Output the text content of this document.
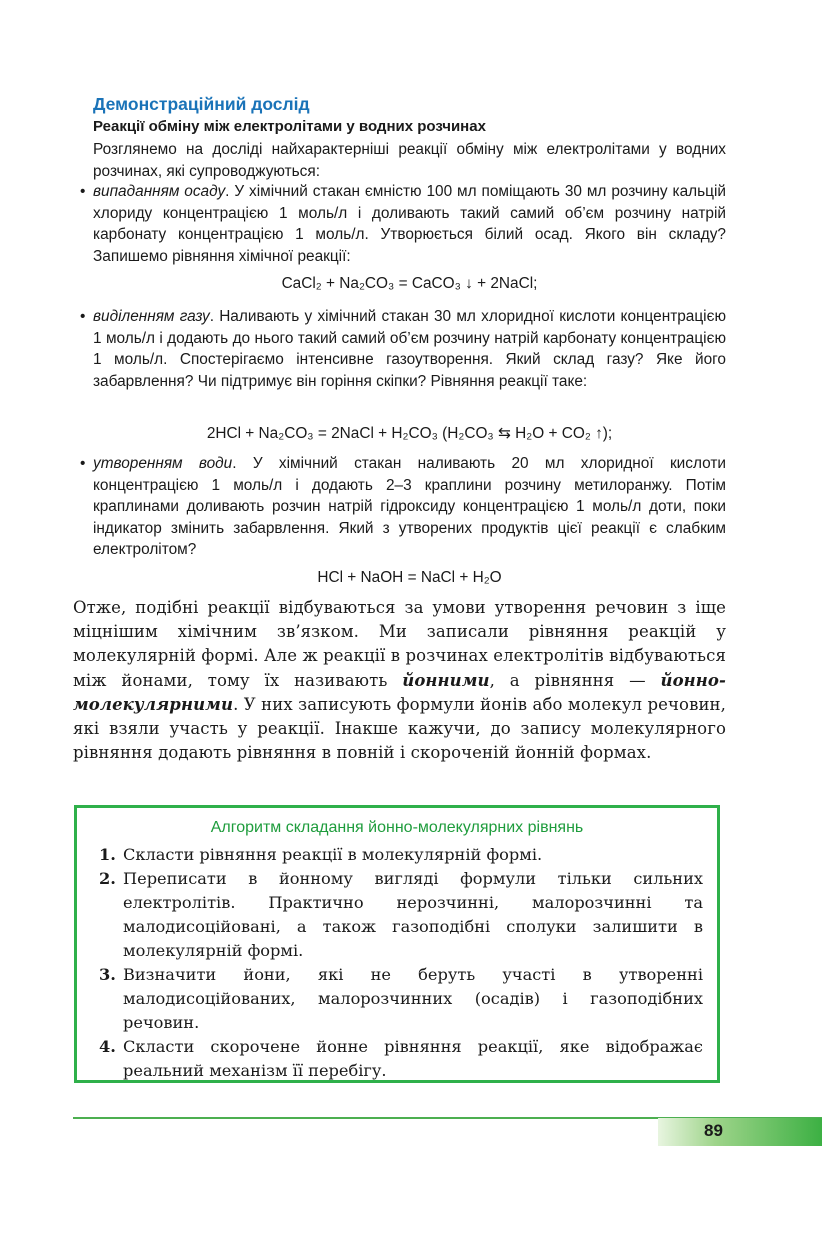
Демонстраційний дослід
Реакції обміну між електролітами у водних розчинах

Розглянемо на досліді найхарактерніші реакції обміну між електролітами у водних розчинах, які супроводжуються:

• випаданням осаду. У хімічний стакан ємністю 100 мл поміщають 30 мл розчину кальцій хлориду концентрацією 1 моль/л і доливають такий самий об’єм розчину натрій карбонату концентрацією 1 моль/л. Утворюється білий осад. Якого він складу? Запишемо рівняння хімічної реакції:
CaCl₂ + Na₂CO₃ = CaCO₃ ↓ + 2NaCl;
• виділенням газу. Наливають у хімічний стакан 30 мл хлоридної кислоти концентрацією 1 моль/л і додають до нього такий самий об’єм розчину натрій карбонату концентрацією 1 моль/л. Спостерігаємо інтенсивне газоутворення. Який склад газу? Яке його забарвлення? Чи підтримує він горіння скіпки? Рівняння реакції таке:
2HCl + Na₂CO₃ = 2NaCl + H₂CO₃ (H₂CO₃ ⇆ H₂O + CO₂ ↑);
• утворенням води. У хімічний стакан наливають 20 мл хлоридної кислоти концентрацією 1 моль/л і додають 2–3 краплини розчину метилоранжу. Потім краплинами доливають розчин натрій гідроксиду концентрацією 1 моль/л доти, поки індикатор змінить забарвлення. Який з утворених продуктів цієї реакції є слабким електролітом?
HCl + NaOH = NaCl + H₂O

Отже, подібні реакції відбуваються за умови утворення речовин з іще міцнішим хімічним зв’язком. Ми записали рівняння реакцій у молекулярній формі. Але ж реакції в розчинах електролітів відбуваються між йонами, тому їх називають йонними, а рівняння — йонно-молекулярними. У них записують формули йонів або молекул речовин, які взяли участь у реакції. Інакше кажучи, до запису молекулярного рівняння додають рівняння в повній і скороченій йонній формах.

Алгоритм складання йонно-молекулярних рівнянь
1. Скласти рівняння реакції в молекулярній формі.
2. Переписати в йонному вигляді формули тільки сильних електролітів. Практично нерозчинні, малорозчинні та малодисоційовані, а також газоподібні сполуки залишити в молекулярній формі.
3. Визначити йони, які не беруть участі в утворенні малодисоційованих, малорозчинних (осадів) і газоподібних речовин.
4. Скласти скорочене йонне рівняння реакції, яке відображає реальний механізм її перебігу.
89
